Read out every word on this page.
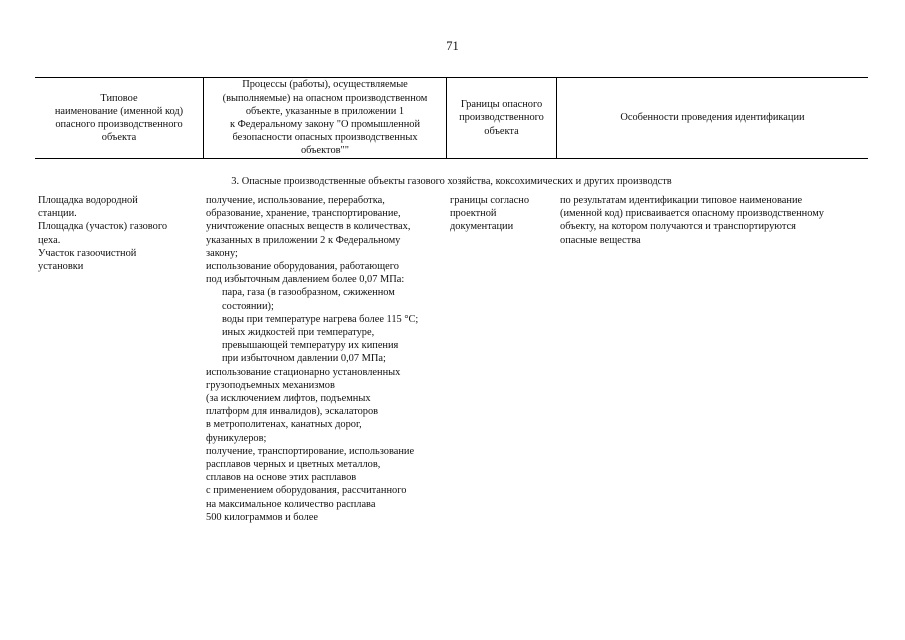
71
Типовое
наименование (именной код)
опасного производственного
объекта
Процессы (работы), осуществляемые
(выполняемые) на опасном производственном
объекте, указанные в приложении 1
к Федеральному закону "О промышленной
безопасности опасных производственных
объектов""
Границы опасного
производственного
объекта
Особенности проведения идентификации
3. Опасные производственные объекты газового хозяйства, коксохимических и других производств
Площадка водородной
станции.
Площадка (участок) газового
цеха.
Участок газоочистной
установки
получение, использование, переработка,
образование, хранение, транспортирование,
уничтожение опасных веществ в количествах,
указанных в приложении 2 к Федеральному
закону;
использование оборудования, работающего
под избыточным давлением более 0,07 МПа:
пара, газа (в газообразном, сжиженном
состоянии);
воды при температуре нагрева более 115 °С;
иных жидкостей при температуре,
превышающей температуру их кипения
при избыточном давлении 0,07 МПа;
использование стационарно установленных
грузоподъемных механизмов
(за исключением лифтов, подъемных
платформ для инвалидов), эскалаторов
в метрополитенах, канатных дорог,
фуникулеров;
получение, транспортирование, использование
расплавов черных и цветных металлов,
сплавов на основе этих расплавов
с применением оборудования, рассчитанного
на максимальное количество расплава
500 килограммов и более
границы согласно
проектной
документации
по результатам идентификации типовое наименование
(именной код) присваивается опасному производственному
объекту, на котором получаются и транспортируются
опасные вещества
